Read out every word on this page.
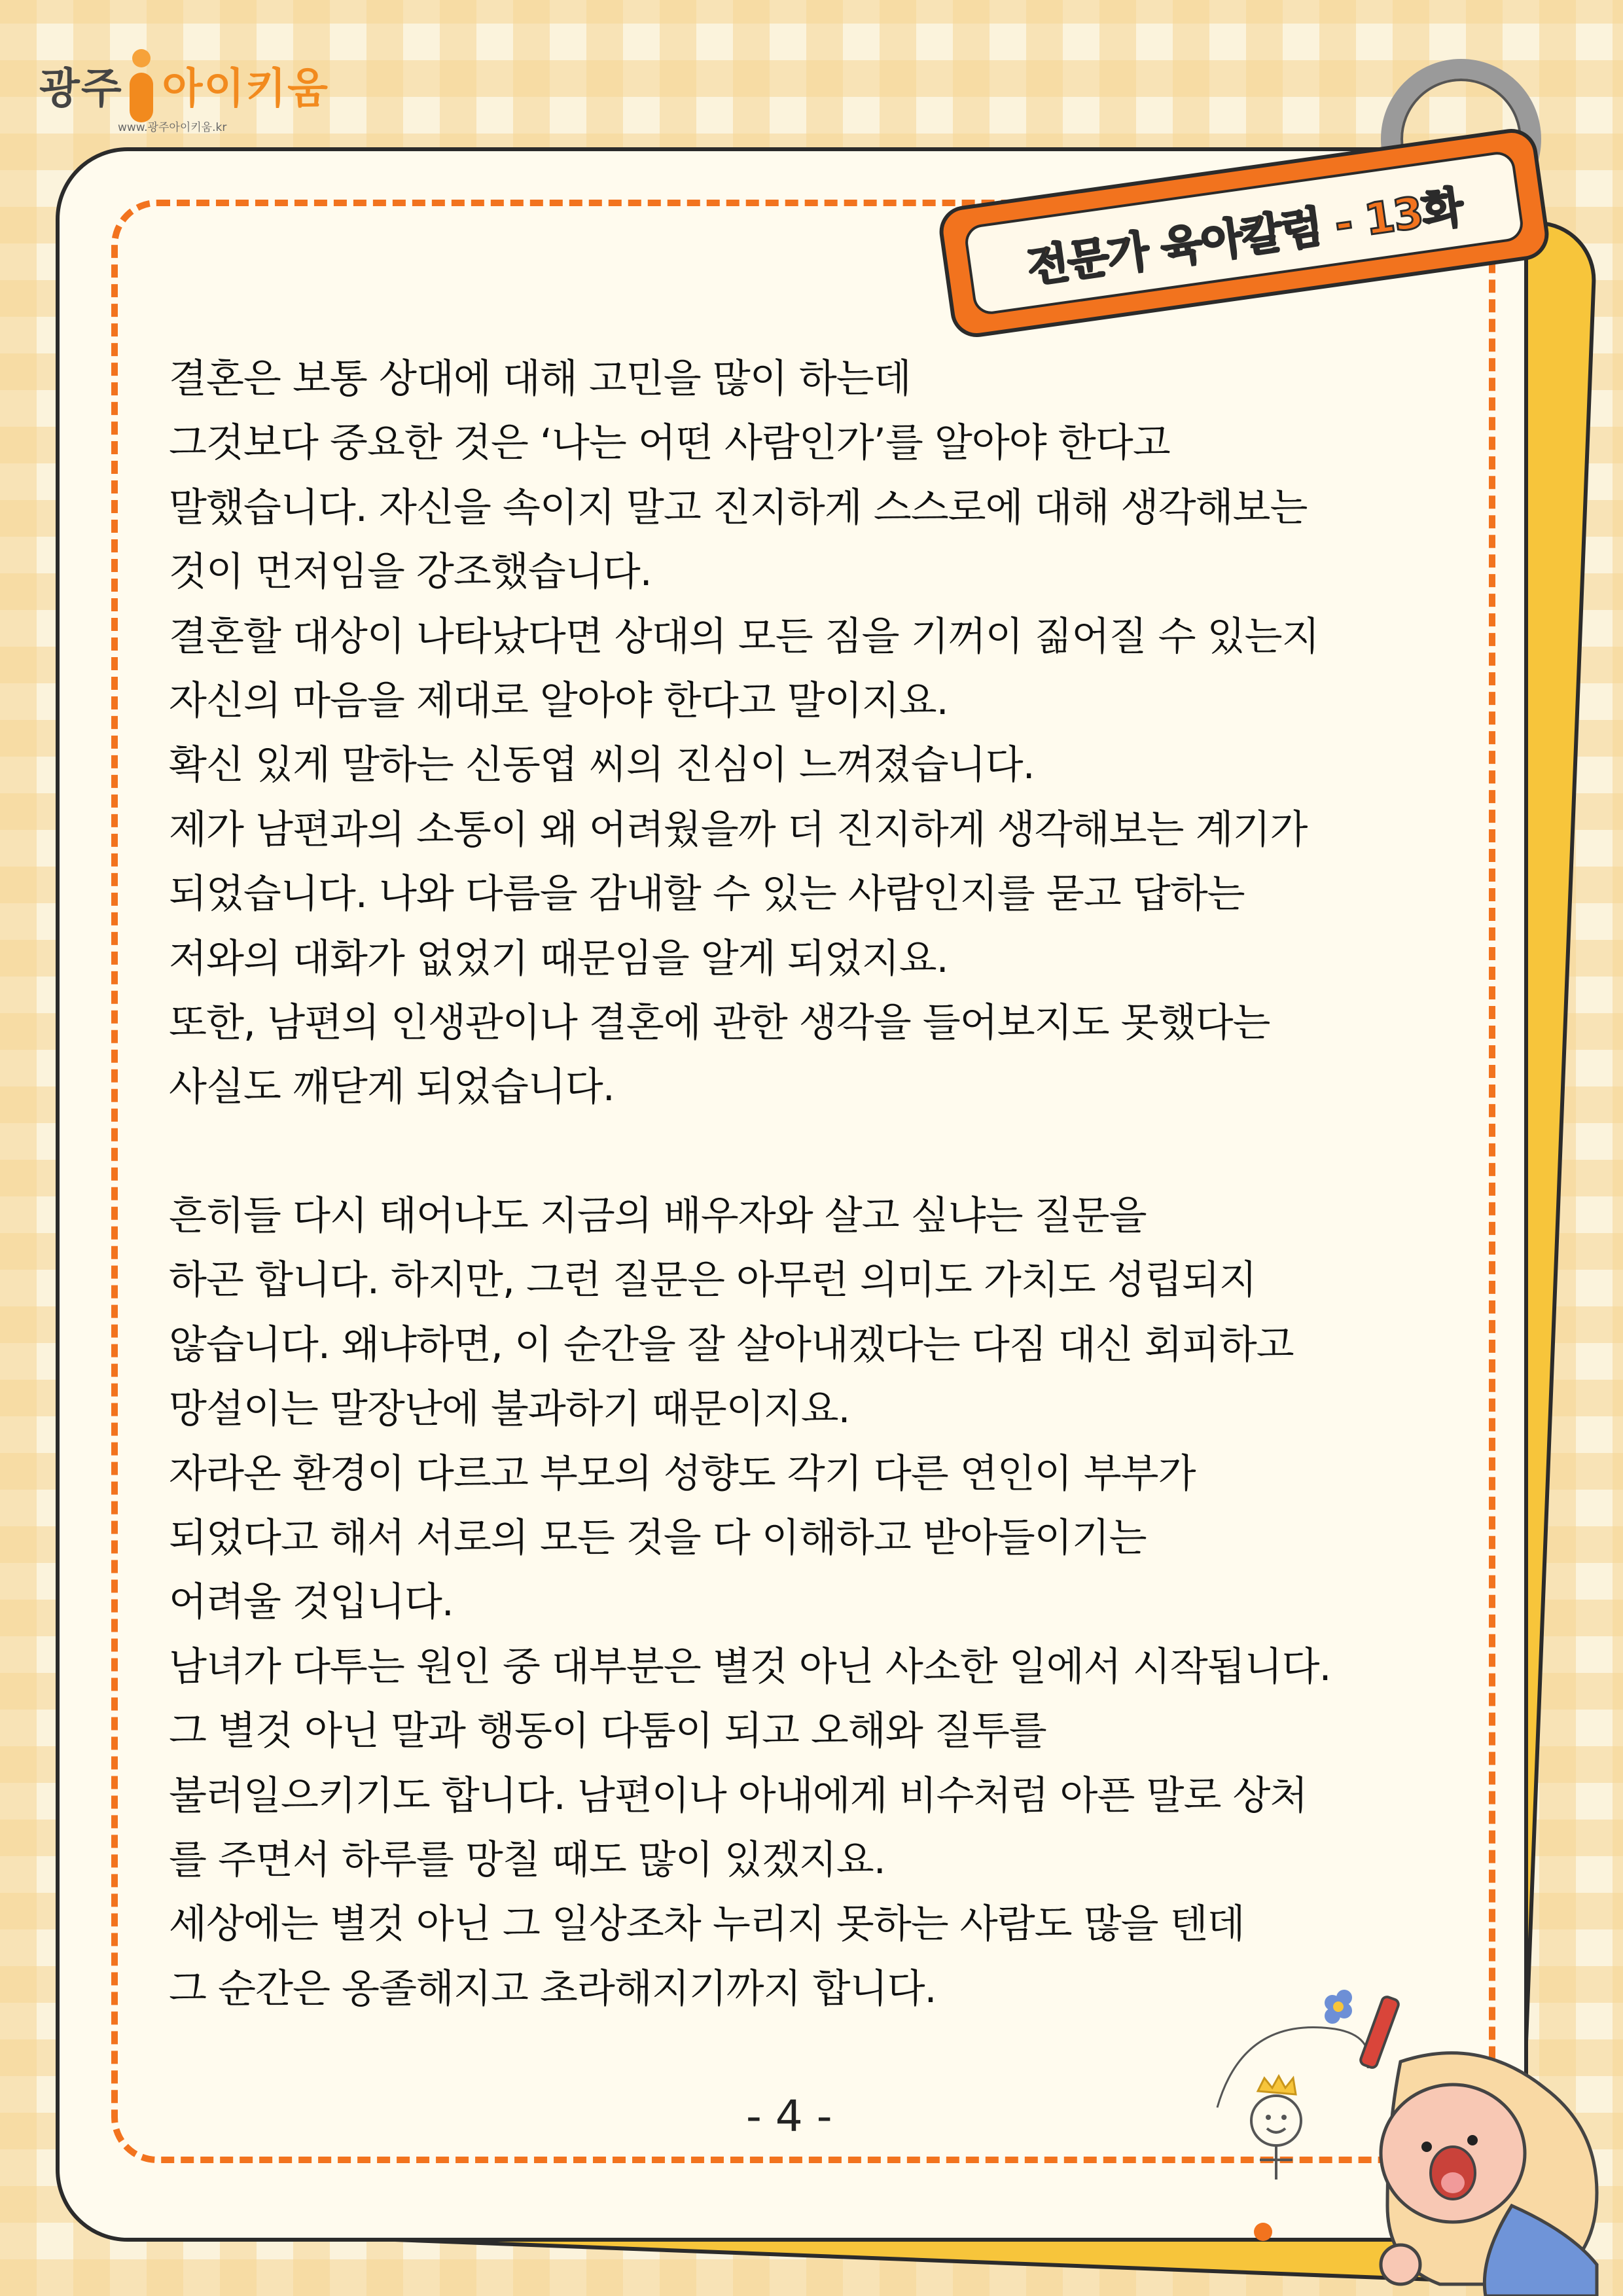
광주 아이키움
www.광주아이키움.kr
전문가 육아칼럼 - 13화
결혼은 보통 상대에 대해 고민을 많이 하는데
그것보다 중요한 것은 ‘나는 어떤 사람인가’를 알아야 한다고
말했습니다. 자신을 속이지 말고 진지하게 스스로에 대해 생각해보는
것이 먼저임을 강조했습니다.
결혼할 대상이 나타났다면 상대의 모든 짐을 기꺼이 짊어질 수 있는지
자신의 마음을 제대로 알아야 한다고 말이지요.
확신 있게 말하는 신동엽 씨의 진심이 느껴졌습니다.
제가 남편과의 소통이 왜 어려웠을까 더 진지하게 생각해보는 계기가
되었습니다. 나와 다름을 감내할 수 있는 사람인지를 묻고 답하는
저와의 대화가 없었기 때문임을 알게 되었지요.
또한, 남편의 인생관이나 결혼에 관한 생각을 들어보지도 못했다는
사실도 깨닫게 되었습니다.
흔히들 다시 태어나도 지금의 배우자와 살고 싶냐는 질문을
하곤 합니다. 하지만, 그런 질문은 아무런 의미도 가치도 성립되지
않습니다. 왜냐하면, 이 순간을 잘 살아내겠다는 다짐 대신 회피하고
망설이는 말장난에 불과하기 때문이지요.
자라온 환경이 다르고 부모의 성향도 각기 다른 연인이 부부가
되었다고 해서 서로의 모든 것을 다 이해하고 받아들이기는
어려울 것입니다.
남녀가 다투는 원인 중 대부분은 별것 아닌 사소한 일에서 시작됩니다.
그 별것 아닌 말과 행동이 다툼이 되고 오해와 질투를
불러일으키기도 합니다. 남편이나 아내에게 비수처럼 아픈 말로 상처
를 주면서 하루를 망칠 때도 많이 있겠지요.
세상에는 별것 아닌 그 일상조차 누리지 못하는 사람도 많을 텐데
그 순간은 옹졸해지고 초라해지기까지 합니다.
- 4 -
